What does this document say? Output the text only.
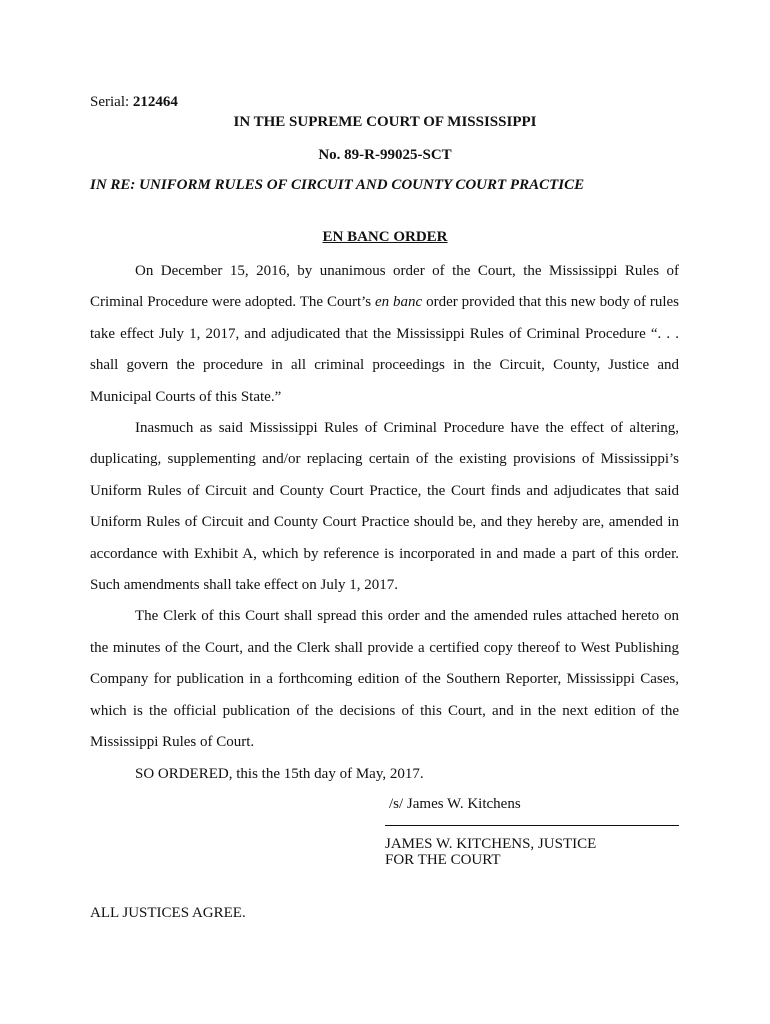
Serial: 212464
IN THE SUPREME COURT OF MISSISSIPPI
No. 89-R-99025-SCT
IN RE: UNIFORM RULES OF CIRCUIT AND COUNTY COURT PRACTICE
EN BANC ORDER

On December 15, 2016, by unanimous order of the Court, the Mississippi Rules of Criminal Procedure were adopted. The Court’s en banc order provided that this new body of rules take effect July 1, 2017, and adjudicated that the Mississippi Rules of Criminal Procedure “. . . shall govern the procedure in all criminal proceedings in the Circuit, County, Justice and Municipal Courts of this State.”

Inasmuch as said Mississippi Rules of Criminal Procedure have the effect of altering, duplicating, supplementing and/or replacing certain of the existing provisions of Mississippi’s Uniform Rules of Circuit and County Court Practice, the Court finds and adjudicates that said Uniform Rules of Circuit and County Court Practice should be, and they hereby are, amended in accordance with Exhibit A, which by reference is incorporated in and made a part of this order. Such amendments shall take effect on July 1, 2017.

The Clerk of this Court shall spread this order and the amended rules attached hereto on the minutes of the Court, and the Clerk shall provide a certified copy thereof to West Publishing Company for publication in a forthcoming edition of the Southern Reporter, Mississippi Cases, which is the official publication of the decisions of this Court, and in the next edition of the Mississippi Rules of Court.

SO ORDERED, this the 15th day of May, 2017.

/s/ James W. Kitchens
JAMES W. KITCHENS, JUSTICE
FOR THE COURT
ALL JUSTICES AGREE.
